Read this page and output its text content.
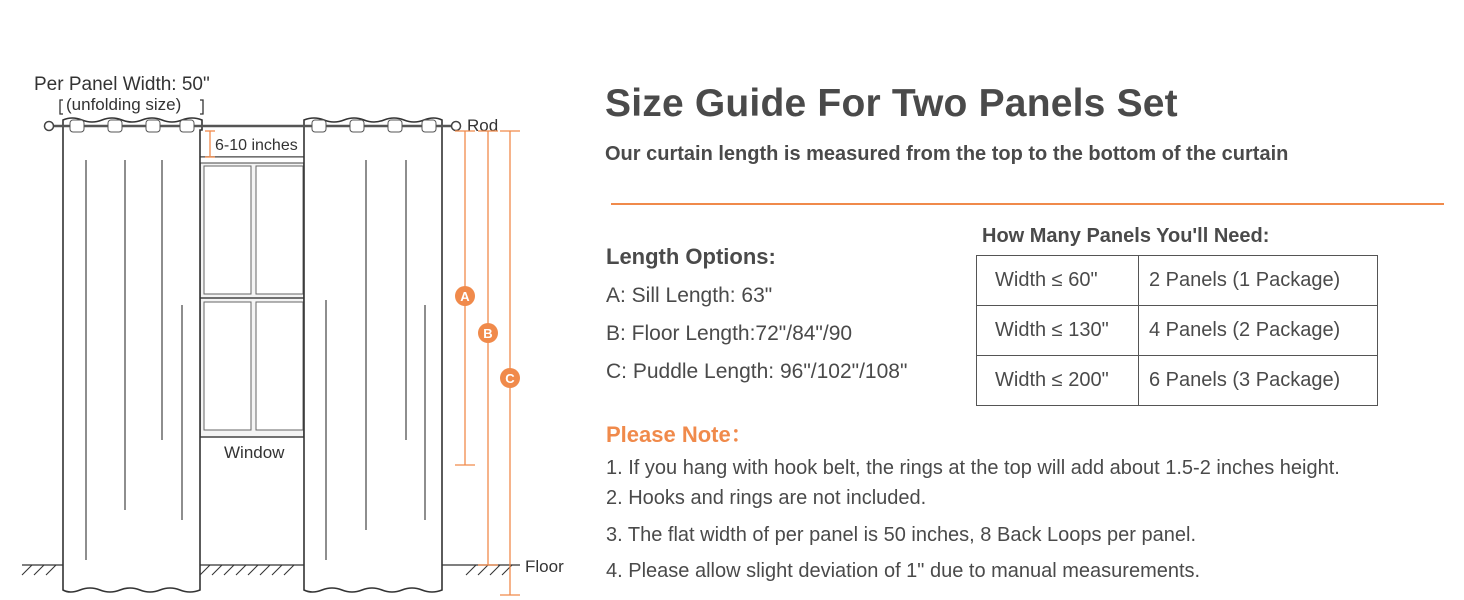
Per Panel Width: 50"
(unfolding size)
Window
Floor
Rod
6-10 inches
A
B
C
Size Guide For Two Panels Set

Our curtain length is measured from the top to the bottom of the curtain

Length Options:
A: Sill Length: 63"
B: Floor Length:72"/84"/90
C: Puddle Length: 96"/102"/108"
How Many Panels You'll Need:
Width ≤ 60"	2 Panels (1 Package)
Width ≤ 130"	4 Panels (2 Package)
Width ≤ 200"	6 Panels (3 Package)
Please Note：
1. If you hang with hook belt, the rings at the top will add about 1.5-2 inches height.
2. Hooks and rings are not included.
3. The flat width of per panel is 50 inches, 8 Back Loops per panel.
4. Please allow slight deviation of 1" due to manual measurements.
